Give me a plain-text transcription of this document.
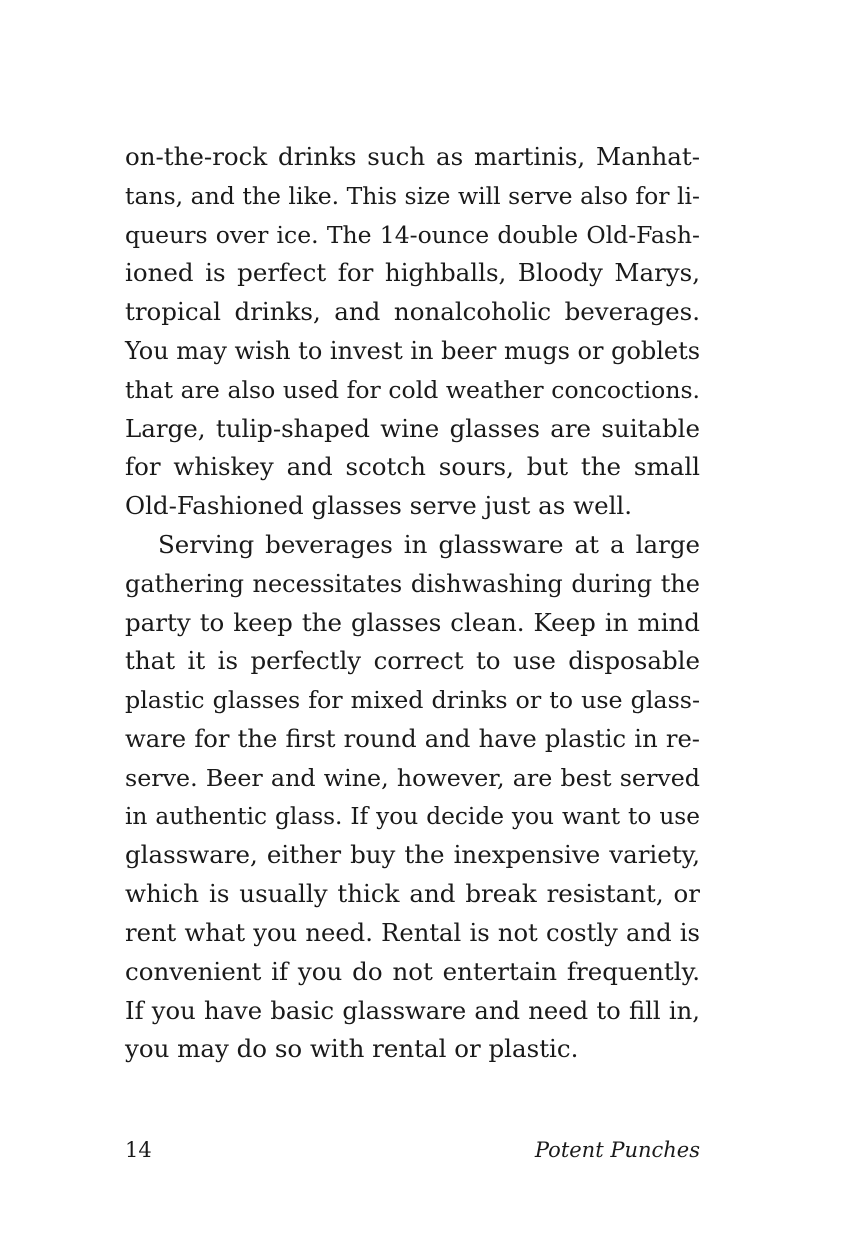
on-the-rock drinks such as martinis, Manhat-
tans, and the like. This size will serve also for li-
queurs over ice. The 14-ounce double Old-Fash-
ioned is perfect for highballs, Bloody Marys,
tropical drinks, and nonalcoholic beverages.
You may wish to invest in beer mugs or goblets
that are also used for cold weather concoctions.
Large, tulip-shaped wine glasses are suitable
for whiskey and scotch sours, but the small
Old-Fashioned glasses serve just as well.
Serving beverages in glassware at a large
gathering necessitates dishwashing during the
party to keep the glasses clean. Keep in mind
that it is perfectly correct to use disposable
plastic glasses for mixed drinks or to use glass-
ware for the first round and have plastic in re-
serve. Beer and wine, however, are best served
in authentic glass. If you decide you want to use
glassware, either buy the inexpensive variety,
which is usually thick and break resistant, or
rent what you need. Rental is not costly and is
convenient if you do not entertain frequently.
If you have basic glassware and need to fill in,
you may do so with rental or plastic.
14	Potent Punches
